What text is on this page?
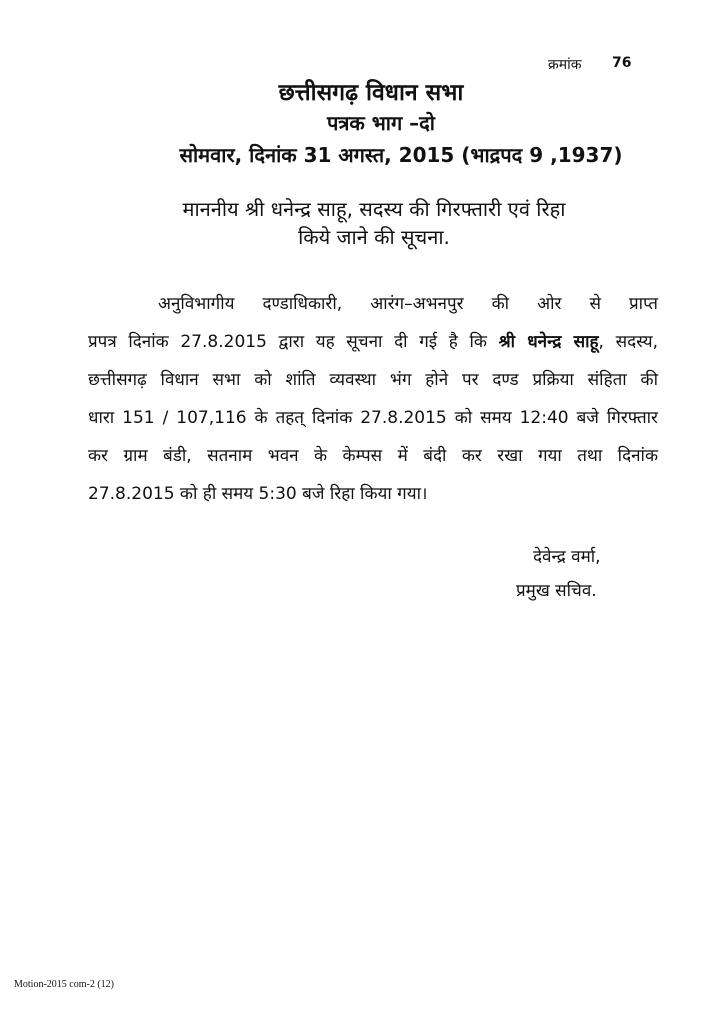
क्रमांक 76
छत्तीसगढ़ विधान सभा
पत्रक भाग –दो
सोमवार, दिनांक 31 अगस्त, 2015 (भाद्रपद 9 ,1937)
माननीय श्री धनेन्द्र साहू, सदस्य की गिरफ्तारी एवं रिहा
किये जाने की सूचना.
अनुविभागीय दण्डाधिकारी, आरंग–अभनपुर की ओर से प्राप्त
प्रपत्र दिनांक 27.8.2015 द्वारा यह सूचना दी गई है कि श्री धनेन्द्र साहू, सदस्य,
छत्तीसगढ़ विधान सभा को शांति व्यवस्था भंग होने पर दण्ड प्रक्रिया संहिता की
धारा 151 / 107,116 के तहत् दिनांक 27.8.2015 को समय 12:40 बजे गिरफ्तार
कर ग्राम बंडी, सतनाम भवन के केम्पस में बंदी कर रखा गया तथा दिनांक
27.8.2015 को ही समय 5:30 बजे रिहा किया गया।
देवेन्द्र वर्मा,
प्रमुख सचिव.
Motion-2015 com-2 (12)
